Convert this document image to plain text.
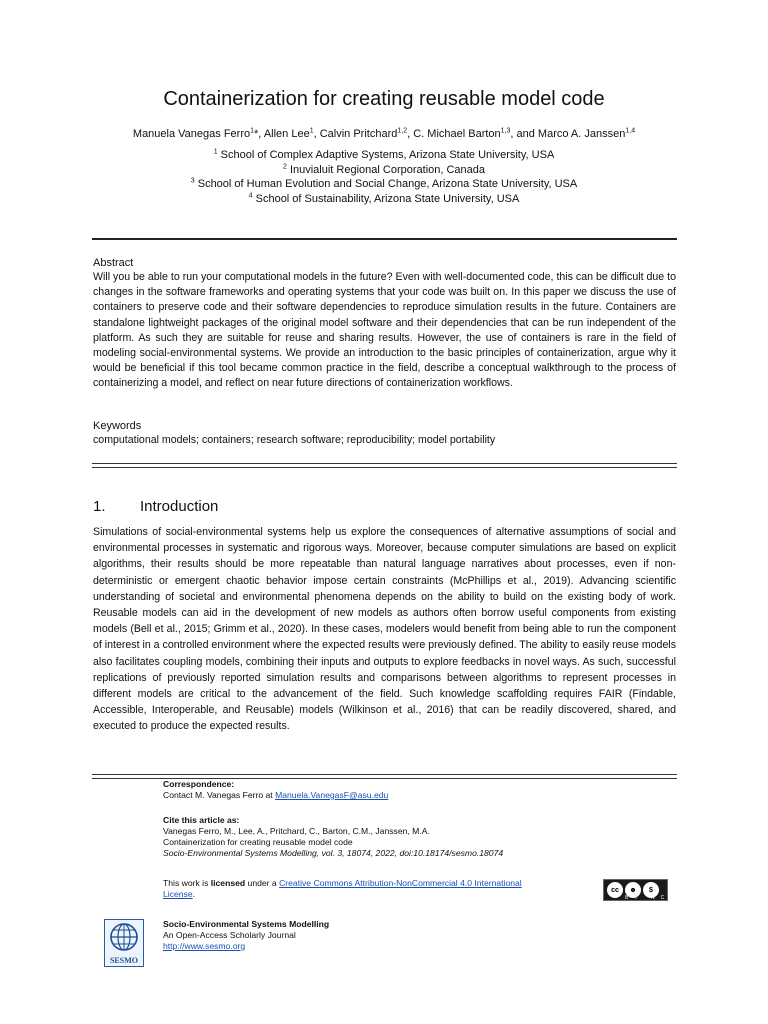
Containerization for creating reusable model code
Manuela Vanegas Ferro$^1$*, Allen Lee$^1$, Calvin Pritchard$^{1,2}$, C. Michael Barton$^{1,3}$, and Marco A. Janssen$^{1,4}$
$^1$ School of Complex Adaptive Systems, Arizona State University, USA
$^2$ Inuvialuit Regional Corporation, Canada
$^3$ School of Human Evolution and Social Change, Arizona State University, USA
$^4$ School of Sustainability, Arizona State University, USA
Abstract
Will you be able to run your computational models in the future? Even with well-documented code, this can be difficult due to changes in the software frameworks and operating systems that your code was built on. In this paper we discuss the use of containers to preserve code and their software dependencies to reproduce simulation results in the future. Containers are standalone lightweight packages of the original model software and their dependencies that can be run independent of the platform. As such they are suitable for reuse and sharing results. However, the use of containers is rare in the field of modeling social-environmental systems. We provide an introduction to the basic principles of containerization, argue why it would be beneficial if this tool became common practice in the field, describe a conceptual walkthrough to the process of containerizing a model, and reflect on near future directions of containerization workflows.
Keywords
computational models; containers; research software; reproducibility; model portability
1. Introduction
Simulations of social-environmental systems help us explore the consequences of alternative assumptions of social and environmental processes in systematic and rigorous ways. Moreover, because computer simulations are based on explicit algorithms, their results should be more repeatable than natural language narratives about processes, even if non-deterministic or emergent chaotic behavior impose certain constraints (McPhillips et al., 2019). Advancing scientific understanding of societal and environmental phenomena depends on the ability to build on the existing body of work. Reusable models can aid in the development of new models as authors often borrow useful components from existing models (Bell et al., 2015; Grimm et al., 2020). In these cases, modelers would benefit from being able to run the component of interest in a controlled environment where the expected results were previously defined. The ability to easily reuse models also facilitates coupling models, combining their inputs and outputs to explore feedbacks in novel ways. As such, successful replications of previously reported simulation results and comparisons between algorithms to represent processes in different models are critical to the advancement of the field. Such knowledge scaffolding requires FAIR (Findable, Accessible, Interoperable, and Reusable) models (Wilkinson et al., 2016) that can be readily discovered, shared, and executed to produce the expected results.
Correspondence:
Contact M. Vanegas Ferro at Manuela.VanegasF@asu.edu
Cite this article as:
Vanegas Ferro, M., Lee, A., Pritchard, C., Barton, C.M., Janssen, M.A.
Containerization for creating reusable model code
Socio-Environmental Systems Modelling, vol. 3, 18074, 2022, doi:10.18174/sesmo.18074
This work is licensed under a Creative Commons Attribution-NonCommercial 4.0 International
License.	cc	☻	$
BY NC
SESMO
Socio-Environmental Systems Modelling
An Open-Access Scholarly Journal
http://www.sesmo.org
